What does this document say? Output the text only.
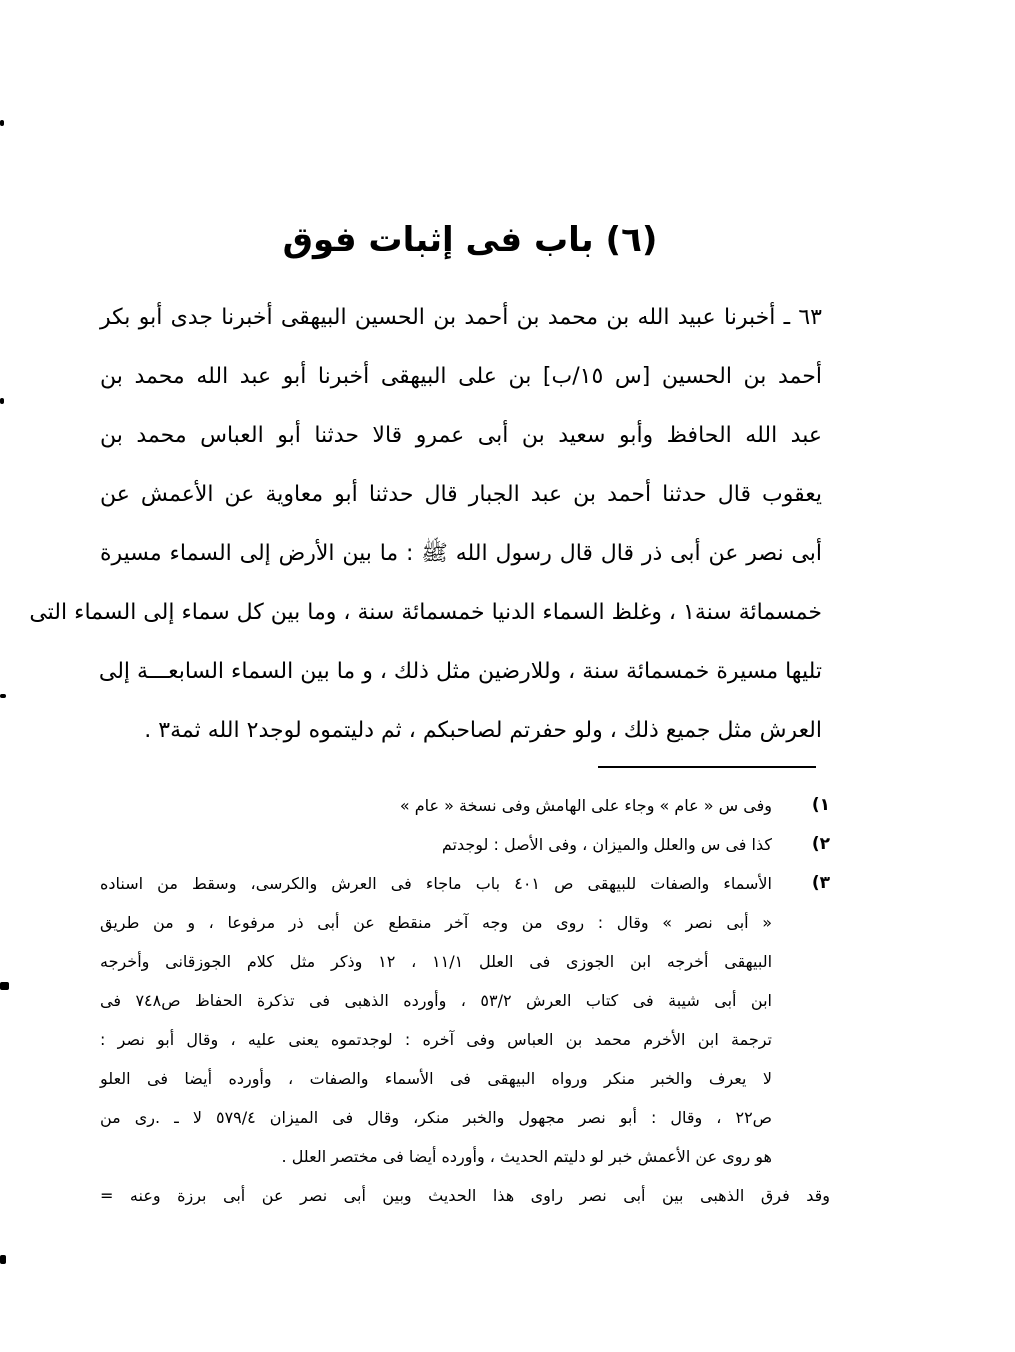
(٦) باب فى إثبات فوق
٦٣ ـ أخبرنا عبيد الله بن محمد بن أحمد بن الحسين البيهقى أخبرنا جدى أبو بكر
أحمد بن الحسين [س ١٥/ب] بن على البيهقى أخبرنا أبو عبد الله محمد بن
عبد الله الحافظ وأبو سعيد بن أبى عمرو قالا حدثنا أبو العباس محمد بن
يعقوب قال حدثنا أحمد بن عبد الجبار قال حدثنا أبو معاوية عن الأعمش عن
أبى نصر عن أبى ذر قال قال رسول الله ﷺ : ما بين الأرض إلى السماء مسيرة
خمسمائة سنة١ ، وغلظ السماء الدنيا خمسمائة سنة ، وما بين كل سماء إلى السماء التى
تليها مسيرة خمسمائة سنة ، وللارضين مثل ذلك ، و ما بين السماء السابعـــة إلى
العرش مثل جميع ذلك ، ولو حفرتم لصاحبكم ، ثم دليتموه لوجد٢ الله ثمة٣ .
١)
وفى س « عام » وجاء على الهامش وفى نسخة « عام »
٢)
كذا فى س والعلل والميزان ، وفى الأصل : لوجدتم
٣)
الأسماء والصفات للبيهقى ص ٤٠١ باب ماجاء فى العرش والكرسى، وسقط من اسناده
« أبى نصر » وقال : روى من وجه آخر منقطع عن أبى ذر مرفوعا ، و من طريق
البيهقى أخرجه ابن الجوزى فى العلل ١١/١ ، ١٢ وذكر مثل كلام الجوزقانى وأخرجه
ابن أبى شيبة فى كتاب العرش ٥٣/٢ ، وأورده الذهبى فى تذكرة الحفاظ ص٧٤٨ فى
ترجمة ابن الأخرم محمد بن العباس وفى آخره : لوجدتموه يعنى عليه ، وقال أبو نصر :
لا يعرف والخبر منكر ورواه البيهقى فى الأسماء والصفات ، وأورده أيضا فى العلو
ص٢٢ ، وقال : أبو نصر مجهول والخبر منكر، وقال فى الميزان ٥٧٩/٤ لا ـ .رى من
هو روى عن الأعمش خبر لو دليتم الحديث ، وأورده أيضا فى مختصر العلل .
وقد فرق الذهبى بين أبى نصر راوى هذا الحديث وبين أبى نصر عن أبى برزة وعنه =
